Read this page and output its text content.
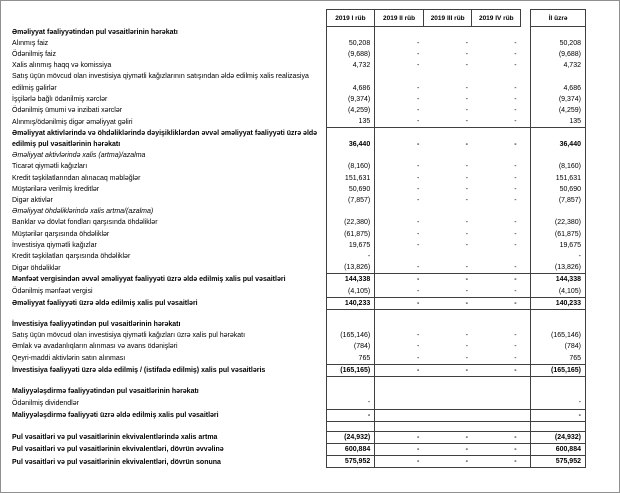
	2019 I rüb	2019 II rüb	2019 III rüb	2019 IV rüb		İl üzrə
Əməliyyat fəaliyyətindən pul vəsaitlərinin hərəkatı						
Alınmış faiz	50,208	-	-	-		50,208
Ödənilmiş faiz	(9,688)	-	-	-		(9,688)
Xalis alınmış haqq və komissiya	4,732	-	-	-		4,732
Satış üçün mövcud olan investisiya qiymətli kağızlarının satışından əldə edilmiş xalis realizasiya edilmiş gəlirlər	4,686	-	-	-		4,686
İşçilərlə bağlı ödənilmiş xərclər	(9,374)	-	-	-		(9,374)
Ödənilmiş ümumi və inzibati xərclər	(4,259)	-	-	-		(4,259)
Alınmış/ödənilmiş digər əməliyyat gəliri	135	-	-	-		135
Əməliyyat aktivlərində və öhdəliklərində dəyişikliklərdən əvvəl əməliyyat fəaliyyəti üzrə əldə edilmiş pul vəsaitlərinin hərəkatı	36,440	-	-	-		36,440
Əməliyyat aktivlərində xalis (artma)/azalma						
Ticarət qiymətli kağızları	(8,160)	-	-	-		(8,160)
Kredit təşkilatlarından alınacaq məbləğlər	151,631	-	-	-		151,631
Müştərilərə verilmiş kreditlər	50,690	-	-	-		50,690
Digər aktivlər	(7,857)	-	-	-		(7,857)
Əməliyyat öhdəliklərində xalis artma/(azalma)						
Banklar və dövlət fondları qarşısında öhdəliklər	(22,380)	-	-	-		(22,380)
Müştərilər qarşısında öhdəliklər	(61,875)	-	-	-		(61,875)
İnvestisiya qiymətli kağızlar	19,675	-	-	-		19,675
Kredit təşkilatları qarşısında öhdəliklər	-					-
Digər öhdəliklər	(13,826)	-	-	-		(13,826)
Mənfəət vergisindən əvvəl əməliyyat fəaliyyəti üzrə əldə edilmiş xalis pul vəsaitləri	144,338	-	-	-		144,338
Ödənilmiş mənfəət vergisi	(4,105)	-	-	-		(4,105)
Əməliyyat fəaliyyəti üzrə əldə edilmiş xalis pul vəsaitləri	140,233	-	-	-		140,233

İnvestisiya fəaliyyətindən pul vəsaitlərinin hərəkatı						
Satış üçün mövcud olan investisiya qiymətli kağızları üzrə xalis pul hərəkatı	(165,146)	-	-	-		(165,146)
Əmlak və avadanlıqların alınması və avans ödənişləri	(784)	-	-	-		(784)
Qeyri-maddi aktivlərin satın alınması	765	-	-	-		765
İnvestisiya fəaliyyəti üzrə əldə edilmiş / (istifadə edilmiş) xalis pul vəsaitləris	(165,165)	-	-	-		(165,165)

Maliyyələşdirmə fəaliyyətindən pul vəsaitlərinin hərəkatı						
Ödənilmiş dividendlər	-					-
Maliyyələşdirmə fəaliyyəti üzrə əldə edilmiş xalis pul vəsaitləri	-					-

Pul vəsaitləri və pul vəsaitlərinin ekvivalentlərində xalis artma	(24,932)	-	-	-		(24,932)
Pul vəsaitləri və pul vəsaitlərinin ekvivalentləri, dövrün əvvəlinə	600,884	-	-	-		600,884
Pul vəsaitləri və pul vəsaitlərinin ekvivalentləri, dövrün sonuna	575,952	-	-	-		575,952
